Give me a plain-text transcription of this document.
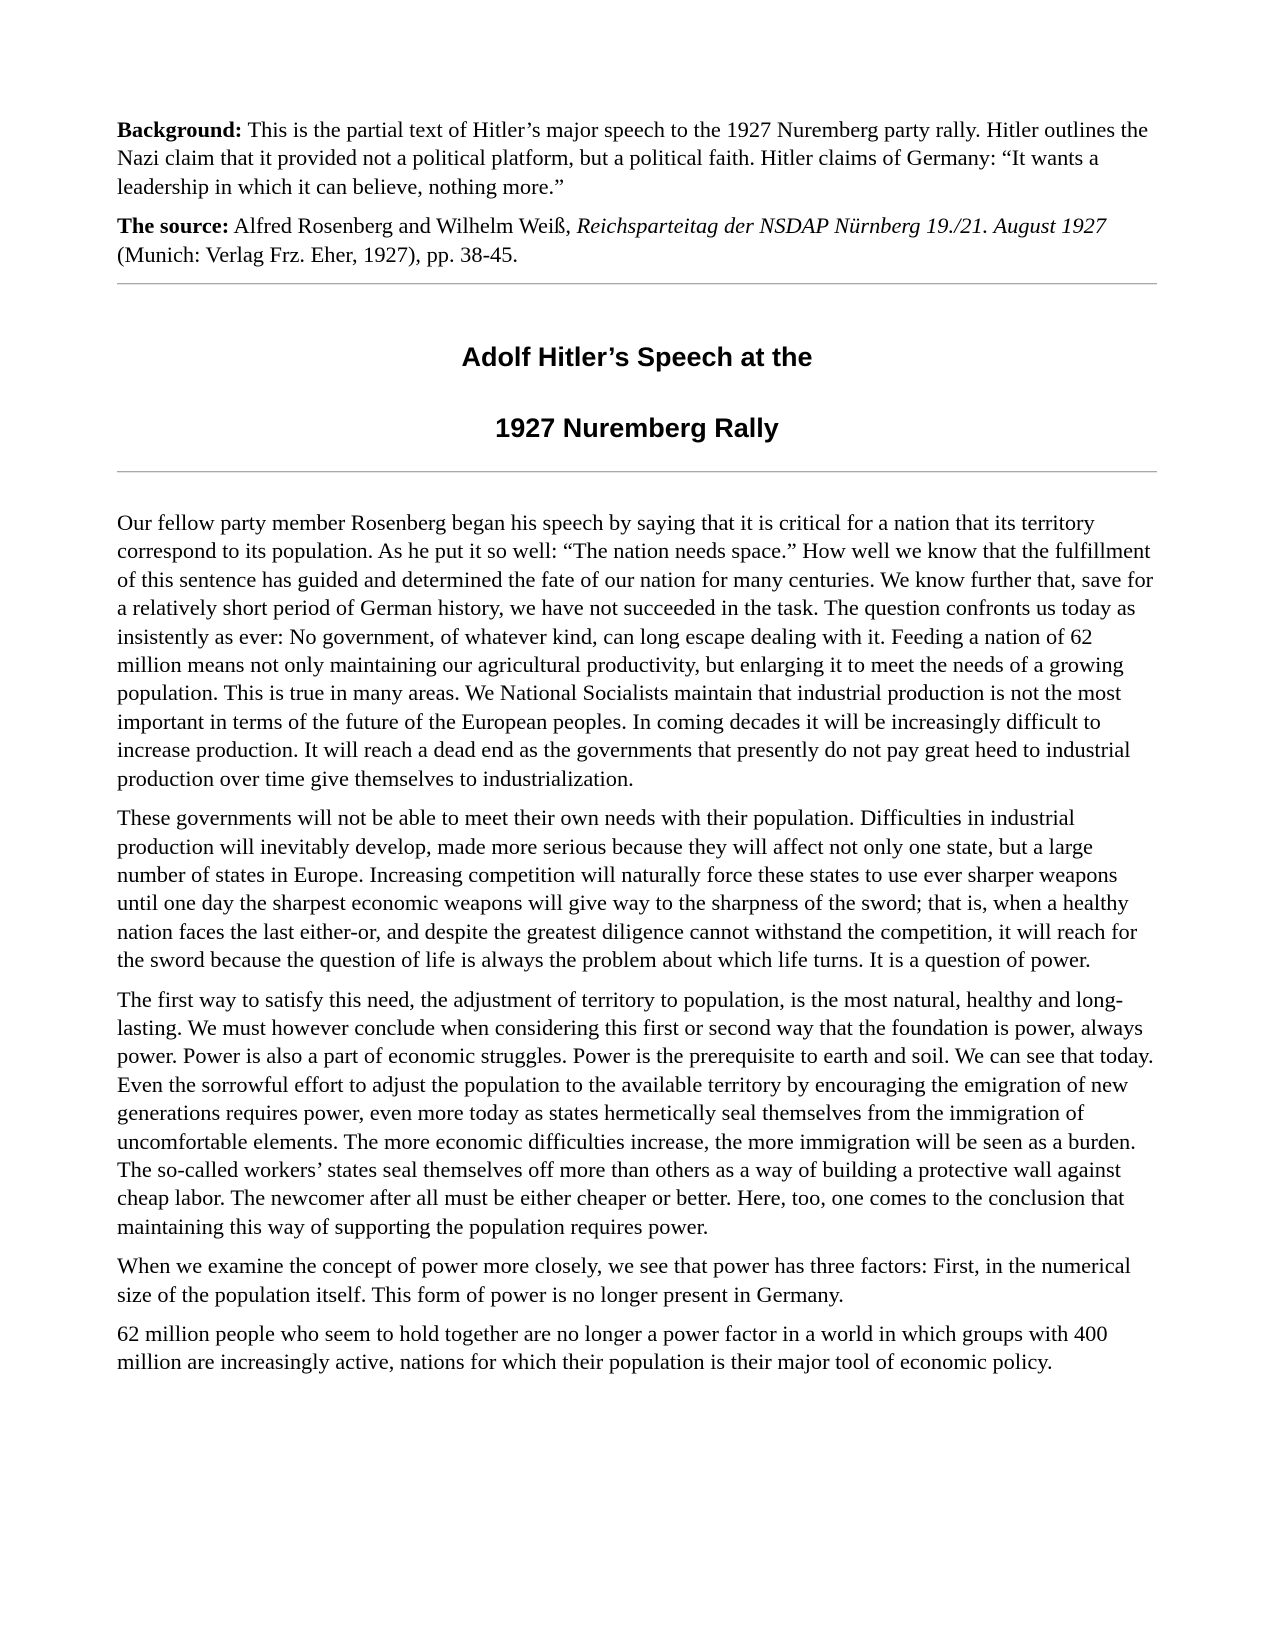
Background: This is the partial text of Hitler’s major speech to the 1927 Nuremberg party rally. Hitler outlines the Nazi claim that it provided not a political platform, but a political faith. Hitler claims of Germany: “It wants a leadership in which it can believe, nothing more.”

The source: Alfred Rosenberg and Wilhelm Weiß, Reichsparteitag der NSDAP Nürnberg 19./21. August 1927 (Munich: Verlag Frz. Eher, 1927), pp. 38-45.

Adolf Hitler’s Speech at the
1927 Nuremberg Rally

Our fellow party member Rosenberg began his speech by saying that it is critical for a nation that its territory correspond to its population. As he put it so well: “The nation needs space.” How well we know that the fulfillment of this sentence has guided and determined the fate of our nation for many centuries. We know further that, save for a relatively short period of German history, we have not succeeded in the task. The question confronts us today as insistently as ever: No government, of whatever kind, can long escape dealing with it. Feeding a nation of 62 million means not only maintaining our agricultural productivity, but enlarging it to meet the needs of a growing population. This is true in many areas. We National Socialists maintain that industrial production is not the most important in terms of the future of the European peoples. In coming decades it will be increasingly difficult to increase production. It will reach a dead end as the governments that presently do not pay great heed to industrial production over time give themselves to industrialization.

These governments will not be able to meet their own needs with their population. Difficulties in industrial production will inevitably develop, made more serious because they will affect not only one state, but a large number of states in Europe. Increasing competition will naturally force these states to use ever sharper weapons until one day the sharpest economic weapons will give way to the sharpness of the sword; that is, when a healthy nation faces the last either-or, and despite the greatest diligence cannot withstand the competition, it will reach for the sword because the question of life is always the problem about which life turns. It is a question of power.

The first way to satisfy this need, the adjustment of territory to population, is the most natural, healthy and long-lasting. We must however conclude when considering this first or second way that the foundation is power, always power. Power is also a part of economic struggles. Power is the prerequisite to earth and soil. We can see that today. Even the sorrowful effort to adjust the population to the available territory by encouraging the emigration of new generations requires power, even more today as states hermetically seal themselves from the immigration of uncomfortable elements. The more economic difficulties increase, the more immigration will be seen as a burden. The so-called workers’ states seal themselves off more than others as a way of building a protective wall against cheap labor. The newcomer after all must be either cheaper or better. Here, too, one comes to the conclusion that maintaining this way of supporting the population requires power.

When we examine the concept of power more closely, we see that power has three factors: First, in the numerical size of the population itself. This form of power is no longer present in Germany.

62 million people who seem to hold together are no longer a power factor in a world in which groups with 400 million are increasingly active, nations for which their population is their major tool of economic policy.
